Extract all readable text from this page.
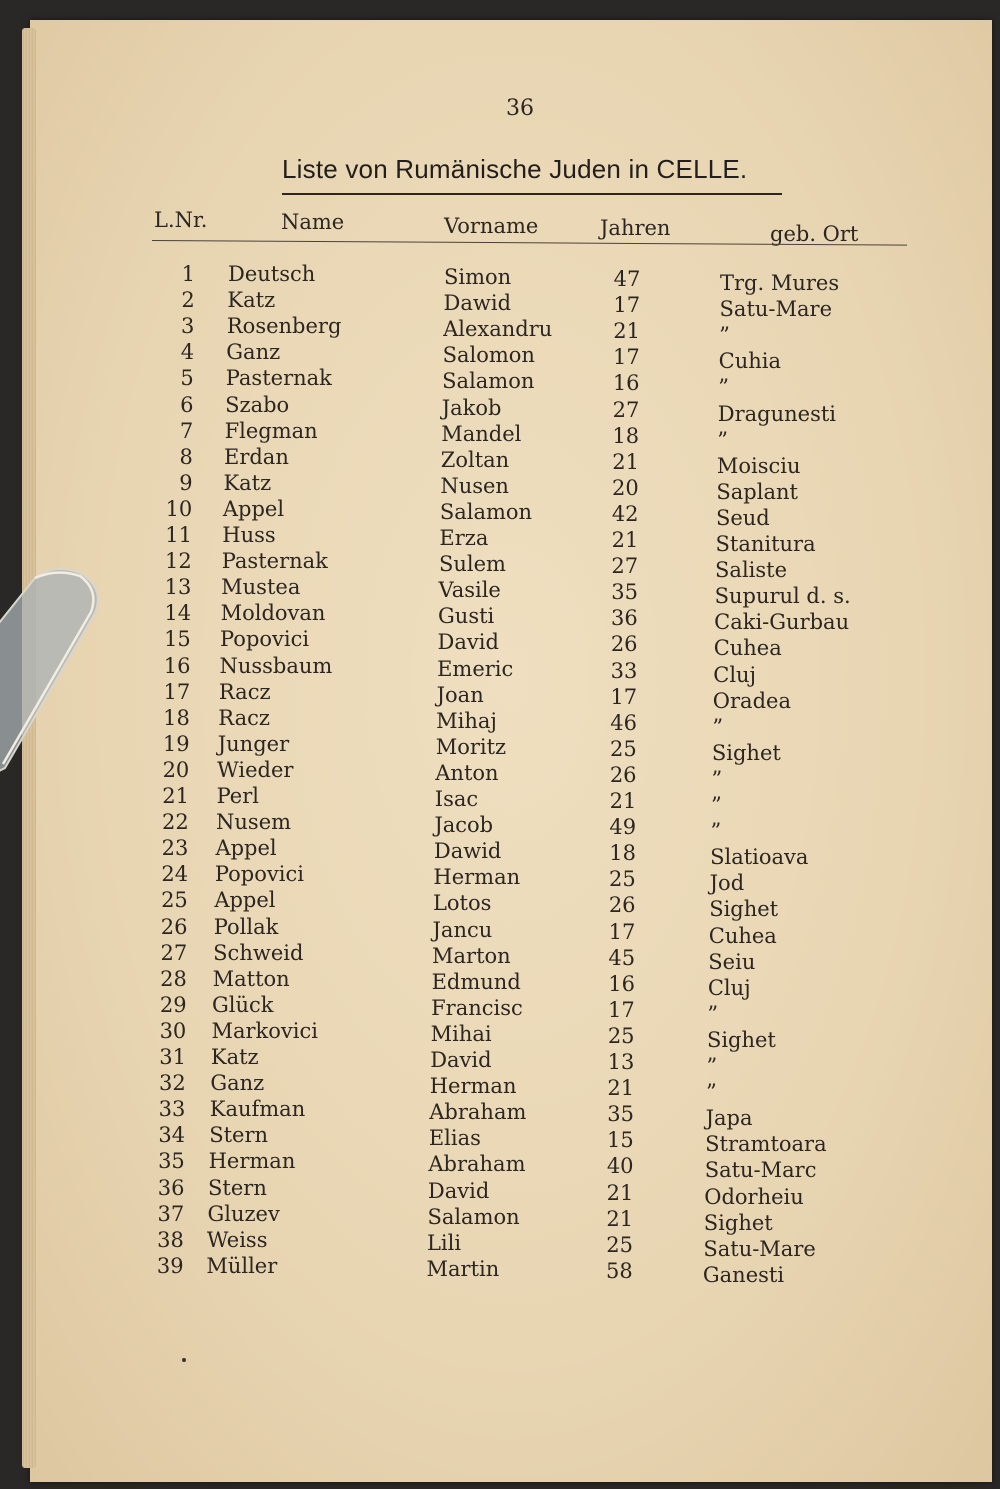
36
Liste von Rumänische Juden in CELLE.
L.Nr.	Name	Vorname	Jahren	geb. Ort
1 Deutsch	Simon	47	Trg. Mures
2 Katz	Dawid	17	Satu-Mare
3 Rosenberg	Alexandru	21	”
4 Ganz	Salomon	17	Cuhia
5 Pasternak	Salamon	16	”
6 Szabo	Jakob	27	Dragunesti
7 Flegman	Mandel	18	”
8 Erdan	Zoltan	21	Moisciu
9 Katz	Nusen	20	Saplant
10 Appel	Salamon	42	Seud
11 Huss	Erza	21	Stanitura
12 Pasternak	Sulem	27	Saliste
13 Mustea	Vasile	35	Supurul d. s.
14 Moldovan	Gusti	36	Caki-Gurbau
15 Popovici	David	26	Cuhea
16 Nussbaum	Emeric	33	Cluj
17 Racz	Joan	17	Oradea
18 Racz	Mihaj	46	”
19 Junger	Moritz	25	Sighet
20 Wieder	Anton	26	”
21 Perl	Isac	21	”
22 Nusem	Jacob	49	”
23 Appel	Dawid	18	Slatioava
24 Popovici	Herman	25	Jod
25 Appel	Lotos	26	Sighet
26 Pollak	Jancu	17	Cuhea
27 Schweid	Marton	45	Seiu
28 Matton	Edmund	16	Cluj
29 Glück	Francisc	17	”
30 Markovici	Mihai	25	Sighet
31 Katz	David	13	”
32 Ganz	Herman	21	”
33 Kaufman	Abraham	35	Japa
34 Stern	Elias	15	Stramtoara
35 Herman	Abraham	40	Satu-Marc
36 Stern	David	21	Odorheiu
37 Gluzev	Salamon	21	Sighet
38 Weiss	Lili	25	Satu-Mare
39 Müller	Martin	58	Ganesti
